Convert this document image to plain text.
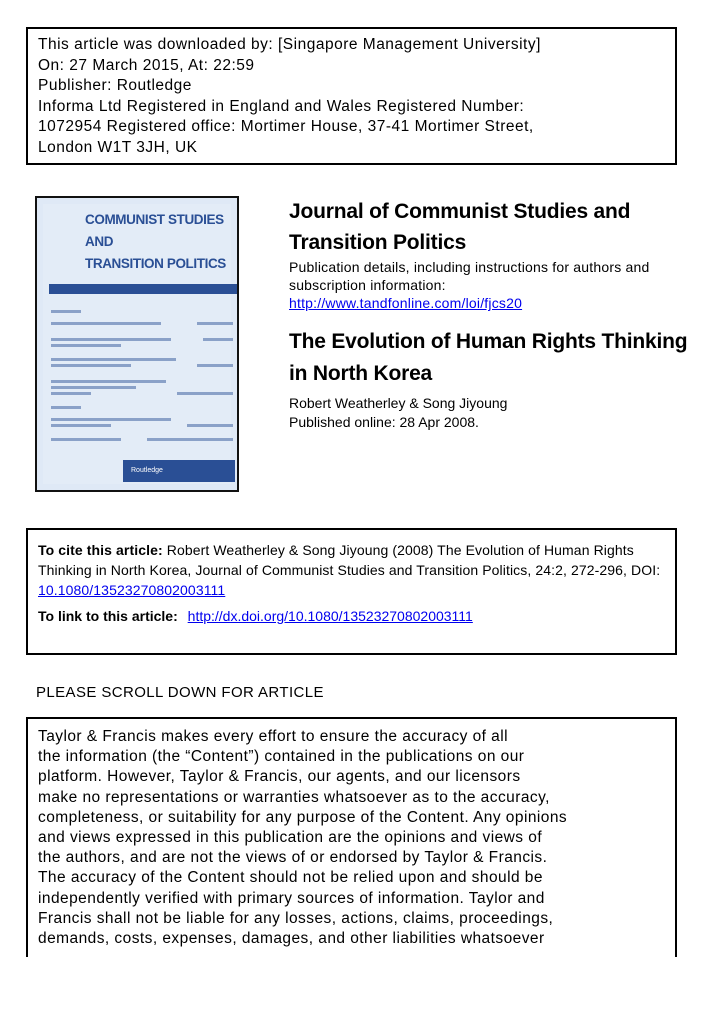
This article was downloaded by: [Singapore Management University]
On: 27 March 2015, At: 22:59
Publisher: Routledge
Informa Ltd Registered in England and Wales Registered Number:
1072954 Registered office: Mortimer House, 37-41 Mortimer Street,
London W1T 3JH, UK
COMMUNIST STUDIES
AND
TRANSITION POLITICS
Routledge
Journal of Communist Studies and Transition Politics
Publication details, including instructions for authors and subscription information:
http://www.tandfonline.com/loi/fjcs20
The Evolution of Human Rights Thinking in North Korea
Robert Weatherley & Song Jiyoung
Published online: 28 Apr 2008.
To cite this article: Robert Weatherley & Song Jiyoung (2008) The Evolution of Human Rights Thinking in North Korea, Journal of Communist Studies and Transition Politics, 24:2, 272-296, DOI: 10.1080/13523270802003111
To link to this article: http://dx.doi.org/10.1080/13523270802003111
PLEASE SCROLL DOWN FOR ARTICLE
Taylor & Francis makes every effort to ensure the accuracy of all
the information (the “Content”) contained in the publications on our
platform. However, Taylor & Francis, our agents, and our licensors
make no representations or warranties whatsoever as to the accuracy,
completeness, or suitability for any purpose of the Content. Any opinions
and views expressed in this publication are the opinions and views of
the authors, and are not the views of or endorsed by Taylor & Francis.
The accuracy of the Content should not be relied upon and should be
independently verified with primary sources of information. Taylor and
Francis shall not be liable for any losses, actions, claims, proceedings,
demands, costs, expenses, damages, and other liabilities whatsoever
